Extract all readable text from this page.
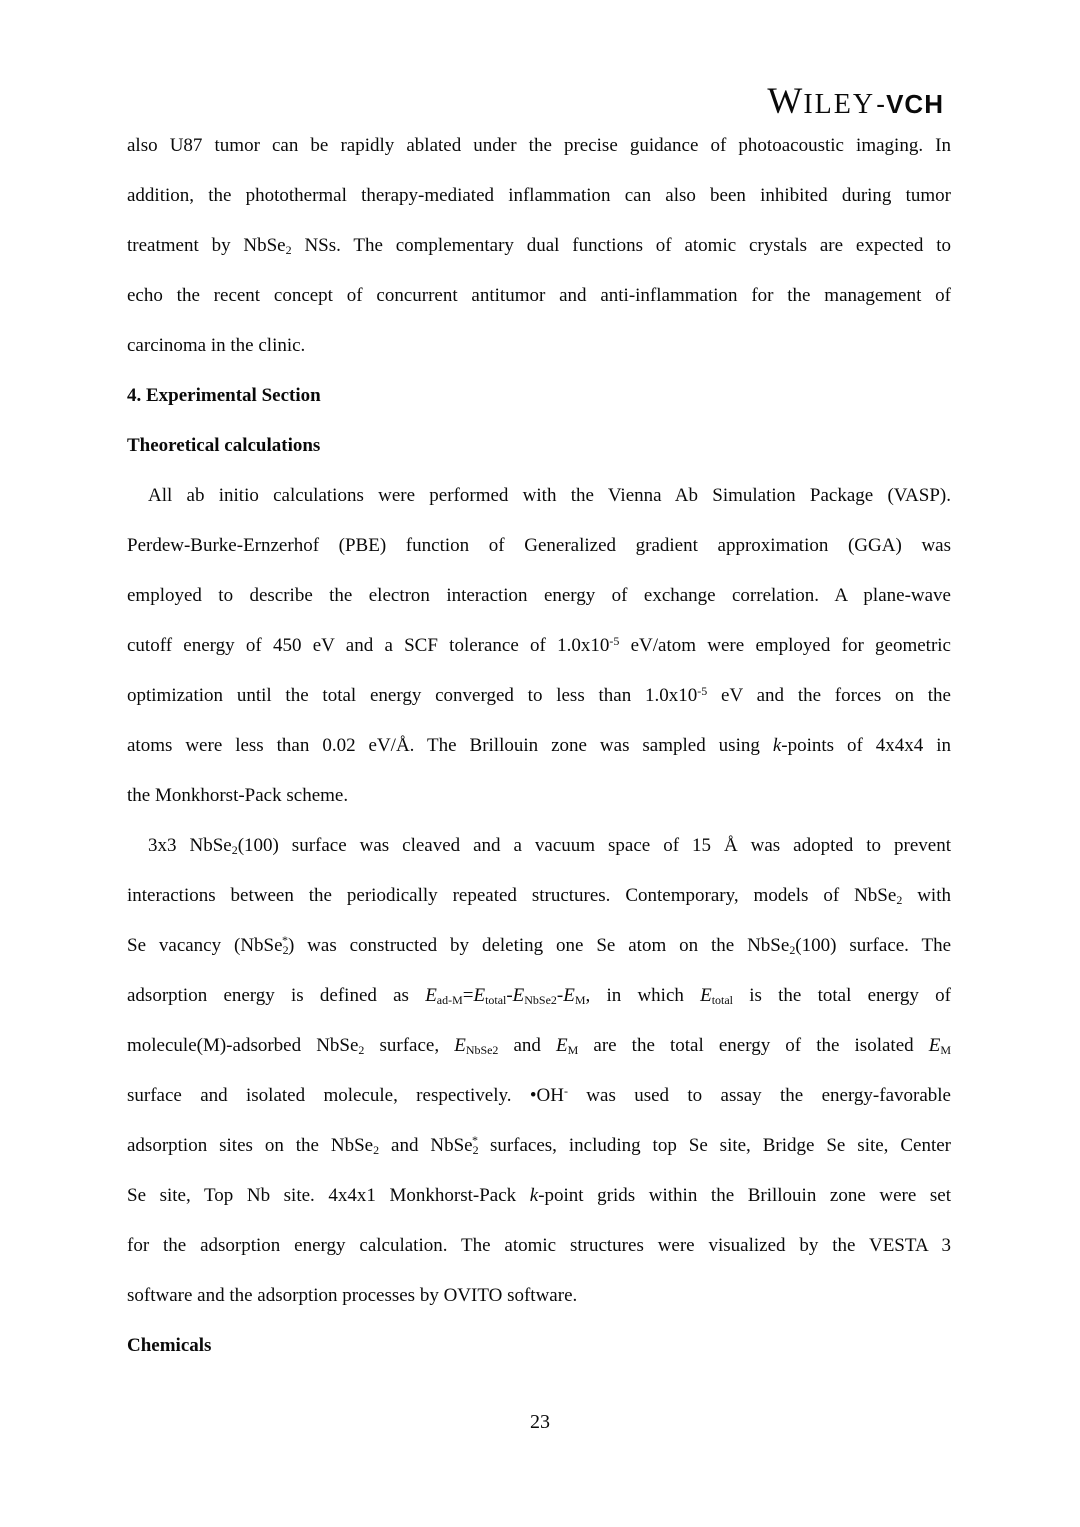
WILEY-VCH
also U87 tumor can be rapidly ablated under the precise guidance of photoacoustic imaging. In
addition, the photothermal therapy-mediated inflammation can also been inhibited during tumor
treatment by NbSe2 NSs. The complementary dual functions of atomic crystals are expected to
echo the recent concept of concurrent antitumor and anti-inflammation for the management of
carcinoma in the clinic.
4. Experimental Section
Theoretical calculations
All ab initio calculations were performed with the Vienna Ab Simulation Package (VASP).
Perdew-Burke-Ernzerhof (PBE) function of Generalized gradient approximation (GGA) was
employed to describe the electron interaction energy of exchange correlation. A plane-wave
cutoff energy of 450 eV and a SCF tolerance of $1.0x10^{-5}$ eV/atom were employed for geometric
optimization until the total energy converged to less than $1.0x10^{-5}$ eV and the forces on the
atoms were less than 0.02 eV/Å. The Brillouin zone was sampled using k-points of 4x4x4 in
the Monkhorst-Pack scheme.
3x3 NbSe2(100) surface was cleaved and a vacuum space of 15 Å was adopted to prevent
interactions between the periodically repeated structures. Contemporary, models of NbSe2 with
Se vacancy (NbSe2*) was constructed by deleting one Se atom on the NbSe2(100) surface. The
adsorption energy is defined as Ead-M=Etotal-ENbSe2-EM, in which Etotal is the total energy of
molecule(M)-adsorbed NbSe2 surface, ENbSe2 and EM are the total energy of the isolated EM
surface and isolated molecule, respectively. •OH- was used to assay the energy-favorable
adsorption sites on the NbSe2 and NbSe2* surfaces, including top Se site, Bridge Se site, Center
Se site, Top Nb site. 4x4x1 Monkhorst-Pack k-point grids within the Brillouin zone were set
for the adsorption energy calculation. The atomic structures were visualized by the VESTA 3
software and the adsorption processes by OVITO software.
Chemicals
23
